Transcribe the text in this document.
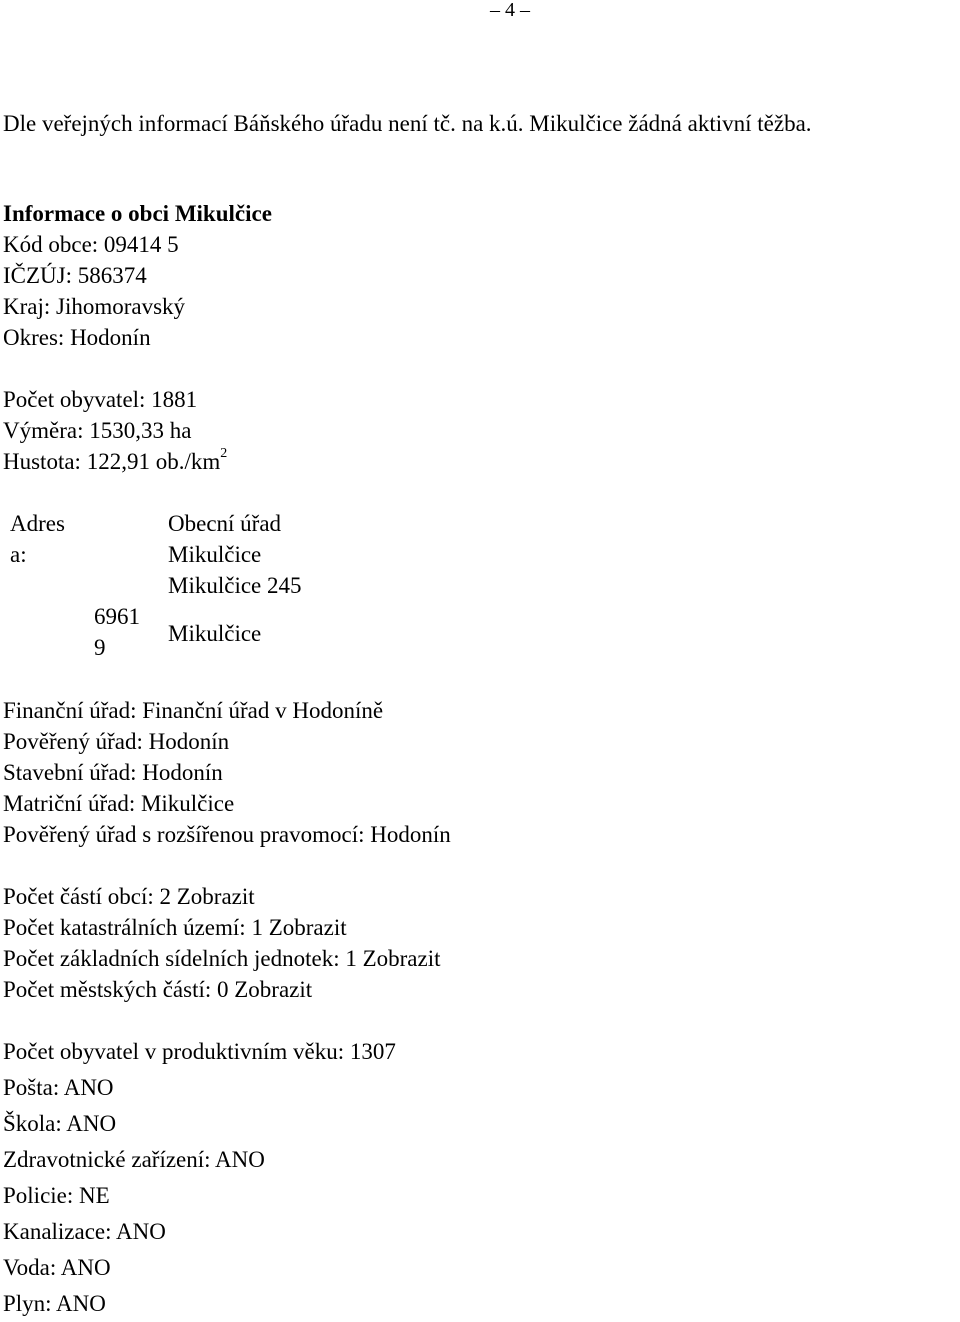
– 4 –
Dle veřejných informací Báňského úřadu není tč. na k.ú. Mikulčice žádná aktivní těžba.
Informace o obci Mikulčice
Kód obce: 09414 5
IČZÚJ: 586374
Kraj: Jihomoravský
Okres: Hodonín
Počet obyvatel: 1881
Výměra: 1530,33 ha
Hustota: 122,91 $ob./km^2$
Adres
a:
Obecní úřad
Mikulčice
Mikulčice 245
6961
9
Mikulčice
Finanční úřad: Finanční úřad v Hodoníně
Pověřený úřad: Hodonín
Stavební úřad: Hodonín
Matriční úřad: Mikulčice
Pověřený úřad s rozšířenou pravomocí: Hodonín
Počet částí obcí: 2 Zobrazit
Počet katastrálních území: 1 Zobrazit
Počet základních sídelních jednotek: 1 Zobrazit
Počet městských částí: 0 Zobrazit
Počet obyvatel v produktivním věku: 1307
Pošta: ANO
Škola: ANO
Zdravotnické zařízení: ANO
Policie: NE
Kanalizace: ANO
Voda: ANO
Plyn: ANO
